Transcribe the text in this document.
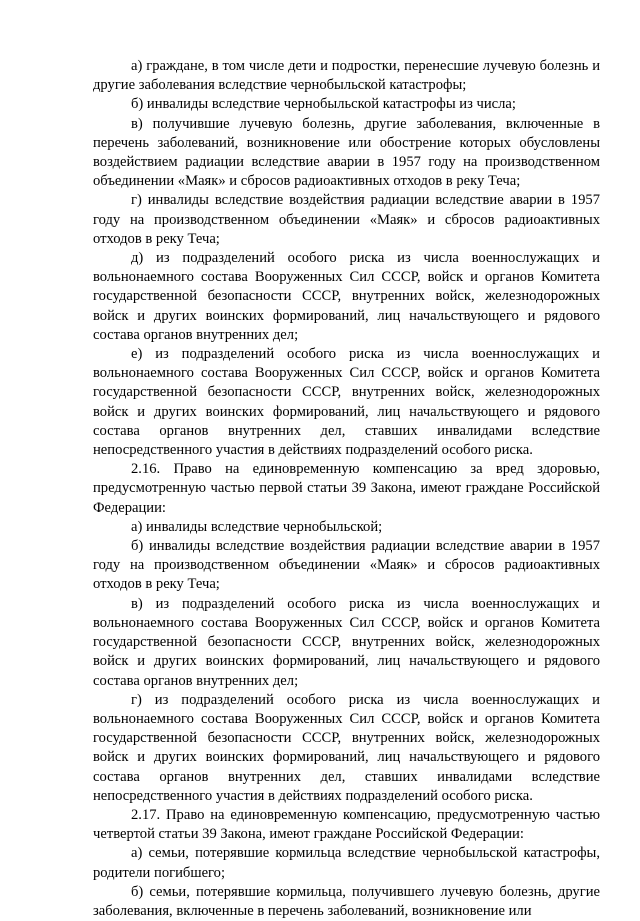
а) граждане, в том числе дети и подростки, перенесшие лучевую болезнь и другие заболевания вследствие чернобыльской катастрофы;

б) инвалиды вследствие чернобыльской катастрофы из числа;

в) получившие лучевую болезнь, другие заболевания, включенные в перечень заболеваний, возникновение или обострение которых обусловлены воздействием радиации вследствие аварии в 1957 году на производственном объединении «Маяк» и сбросов радиоактивных отходов в реку Теча;

г) инвалиды вследствие воздействия радиации вследствие аварии в 1957 году на производственном объединении «Маяк» и сбросов радиоактивных отходов в реку Теча;

д) из подразделений особого риска из числа военнослужащих и вольнонаемного состава Вооруженных Сил СССР, войск и органов Комитета государственной безопасности СССР, внутренних войск, железнодорожных войск и других воинских формирований, лиц начальствующего и рядового состава органов внутренних дел;

е) из подразделений особого риска из числа военнослужащих и вольнонаемного состава Вооруженных Сил СССР, войск и органов Комитета государственной безопасности СССР, внутренних войск, железнодорожных войск и других воинских формирований, лиц начальствующего и рядового состава органов внутренних дел, ставших инвалидами вследствие непосредственного участия в действиях подразделений особого риска.

2.16. Право на единовременную компенсацию за вред здоровью, предусмотренную частью первой статьи 39 Закона, имеют граждане Российской Федерации:

а) инвалиды вследствие чернобыльской;

б) инвалиды вследствие воздействия радиации вследствие аварии в 1957 году на производственном объединении «Маяк» и сбросов радиоактивных отходов в реку Теча;

в) из подразделений особого риска из числа военнослужащих и вольнонаемного состава Вооруженных Сил СССР, войск и органов Комитета государственной безопасности СССР, внутренних войск, железнодорожных войск и других воинских формирований, лиц начальствующего и рядового состава органов внутренних дел;

г) из подразделений особого риска из числа военнослужащих и вольнонаемного состава Вооруженных Сил СССР, войск и органов Комитета государственной безопасности СССР, внутренних войск, железнодорожных войск и других воинских формирований, лиц начальствующего и рядового состава органов внутренних дел, ставших инвалидами вследствие непосредственного участия в действиях подразделений особого риска.

2.17. Право на единовременную компенсацию, предусмотренную частью четвертой статьи 39 Закона, имеют граждане Российской Федерации:

а) семьи, потерявшие кормильца вследствие чернобыльской катастрофы, родители погибшего;

б) семьи, потерявшие кормильца, получившего лучевую болезнь, другие заболевания, включенные в перечень заболеваний, возникновение или
